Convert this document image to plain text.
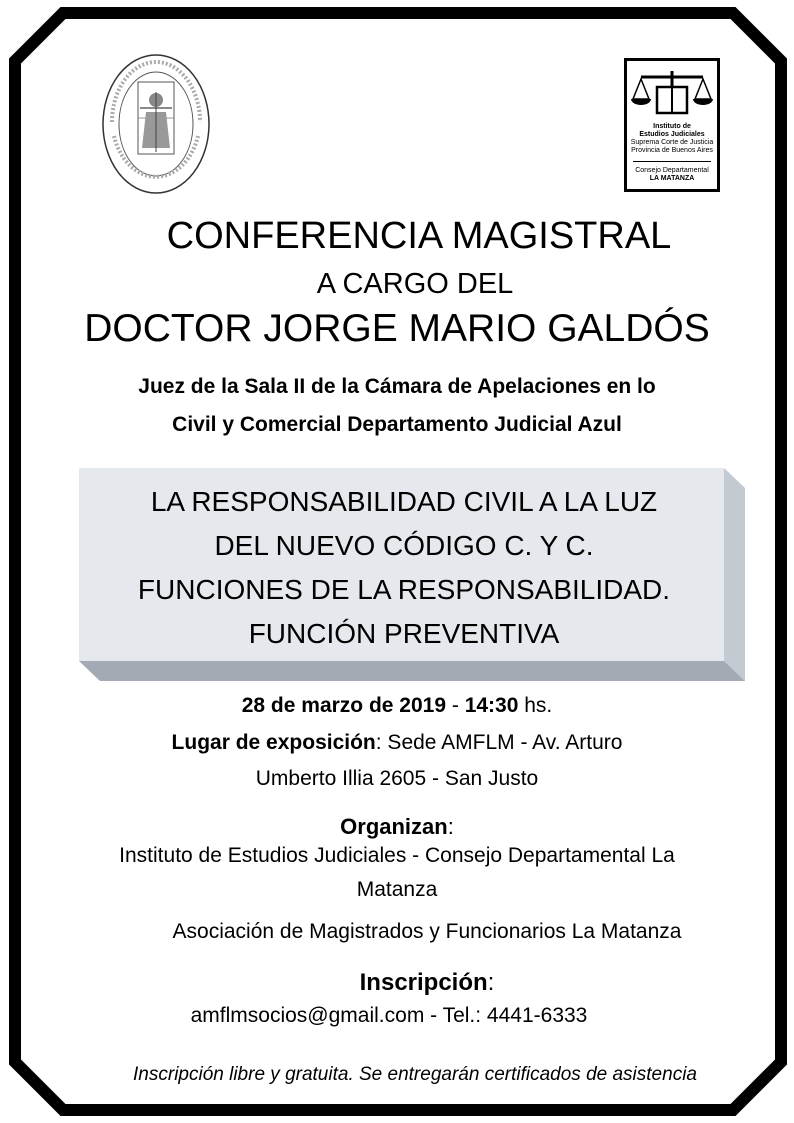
Instituto de
Estudios Judiciales
Suprema Corte de Justicia
Provincia de Buenos Aires
Consejo Departamental
LA MATANZA
CONFERENCIA MAGISTRAL
A CARGO DEL
DOCTOR JORGE MARIO GALDÓS
Juez de la Sala II de la Cámara de Apelaciones en lo
Civil y Comercial Departamento Judicial Azul
LA RESPONSABILIDAD CIVIL A LA LUZ
DEL NUEVO CÓDIGO C. Y C.
FUNCIONES DE LA RESPONSABILIDAD.
FUNCIÓN PREVENTIVA
28 de marzo de 2019 - 14:30 hs.
Lugar de exposición: Sede AMFLM - Av. Arturo
Umberto Illia 2605 - San Justo
Organizan:
Instituto de Estudios Judiciales - Consejo Departamental La
Matanza
Asociación de Magistrados y Funcionarios La Matanza
Inscripción:
amflmsocios@gmail.com - Tel.: 4441-6333
Inscripción libre y gratuita. Se entregarán certificados de asistencia
